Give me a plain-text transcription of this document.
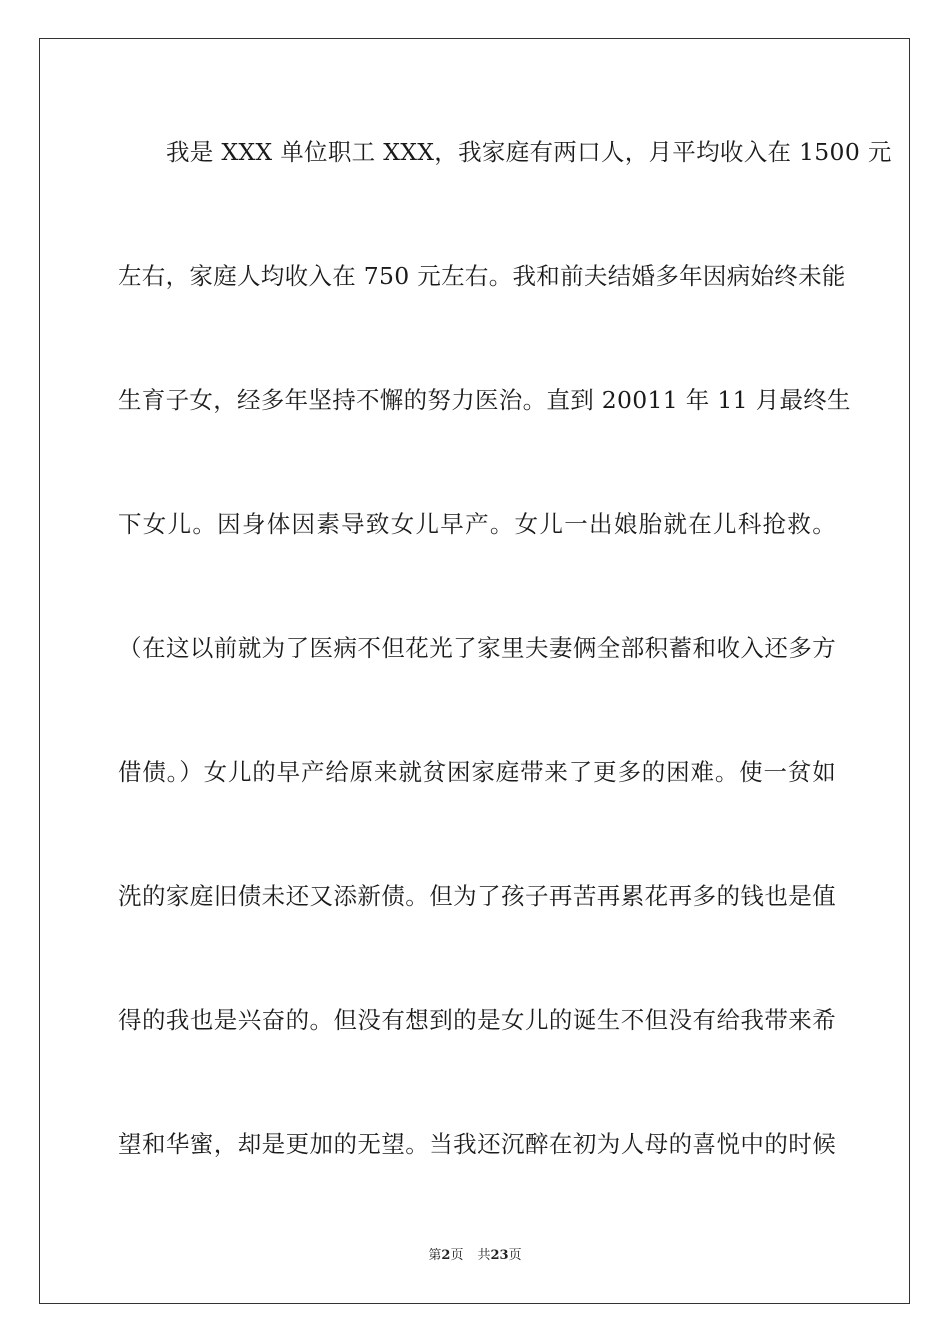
我是 XXX 单位职工 XXX，我家庭有两口人，月平均收入在 1500 元
左右，家庭人均收入在 750 元左右。我和前夫结婚多年因病始终未能
生育子女，经多年坚持不懈的努力医治。直到 20011 年 11 月最终生
下女儿。因身体因素导致女儿早产。女儿一出娘胎就在儿科抢救。
（在这以前就为了医病不但花光了家里夫妻俩全部积蓄和收入还多方
借债。）女儿的早产给原来就贫困家庭带来了更多的困难。使一贫如
洗的家庭旧债未还又添新债。但为了孩子再苦再累花再多的钱也是值
得的我也是兴奋的。但没有想到的是女儿的诞生不但没有给我带来希
望和华蜜，却是更加的无望。当我还沉醉在初为人母的喜悦中的时候
第2页 共23页
